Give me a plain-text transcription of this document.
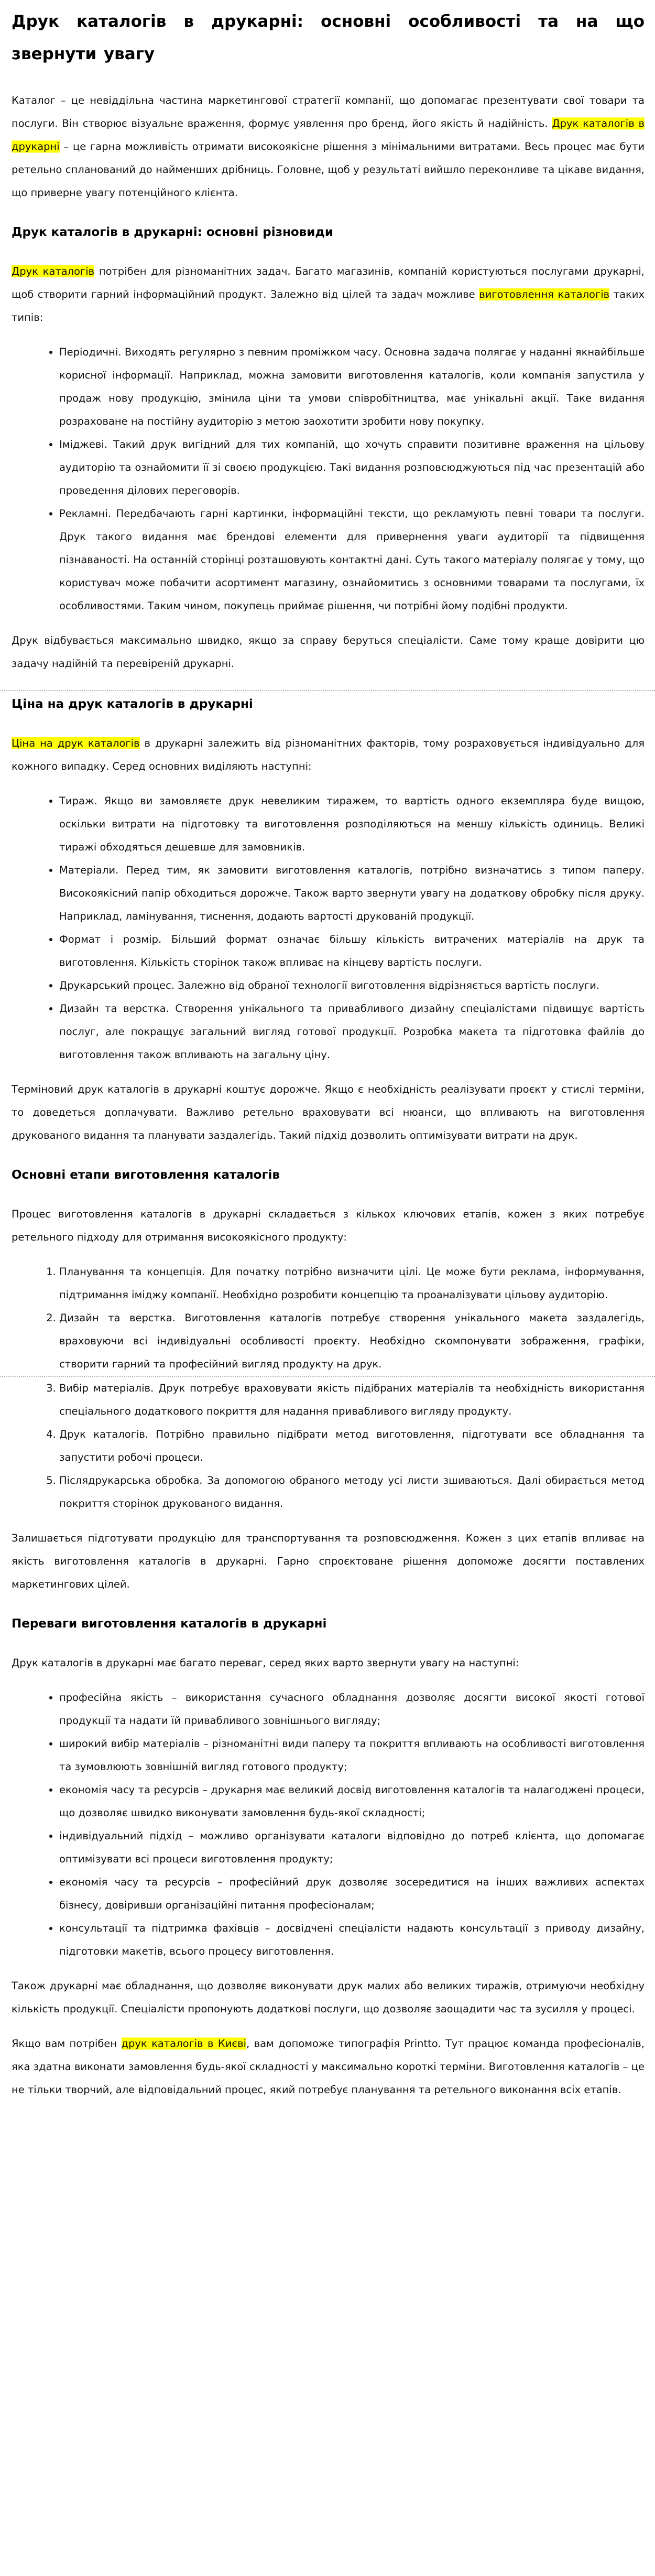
Друк каталогів в друкарні: основні особливості та на що звернути увагу

Каталог – це невіддільна частина маркетингової стратегії компанії, що допомагає презентувати свої товари та послуги. Він створює візуальне враження, формує уявлення про бренд, його якість й надійність. Друк каталогів в друкарні – це гарна можливість отримати високоякісне рішення з мінімальними витратами. Весь процес має бути ретельно спланований до найменших дрібниць. Головне, щоб у результаті вийшло переконливе та цікаве видання, що приверне увагу потенційного клієнта.

Друк каталогів в друкарні: основні різновиди

Друк каталогів потрібен для різноманітних задач. Багато магазинів, компаній користуються послугами друкарні, щоб створити гарний інформаційний продукт. Залежно від цілей та задач можливе виготовлення каталогів таких типів:

• Періодичні. Виходять регулярно з певним проміжком часу. Основна задача полягає у наданні якнайбільше корисної інформації. Наприклад, можна замовити виготовлення каталогів, коли компанія запустила у продаж нову продукцію, змінила ціни та умови співробітництва, має унікальні акції. Таке видання розраховане на постійну аудиторію з метою заохотити зробити нову покупку.
• Іміджеві. Такий друк вигідний для тих компаній, що хочуть справити позитивне враження на цільову аудиторію та ознайомити її зі своєю продукцією. Такі видання розповсюджуються під час презентацій або проведення ділових переговорів.
• Рекламні. Передбачають гарні картинки, інформаційні тексти, що рекламують певні товари та послуги. Друк такого видання має брендові елементи для привернення уваги аудиторії та підвищення пізнаваності. На останній сторінці розташовують контактні дані. Суть такого матеріалу полягає у тому, що користувач може побачити асортимент магазину, ознайомитись з основними товарами та послугами, їх особливостями. Таким чином, покупець приймає рішення, чи потрібні йому подібні продукти.

Друк відбувається максимально швидко, якщо за справу беруться спеціалісти. Саме тому краще довірити цю задачу надійній та перевіреній друкарні.

Ціна на друк каталогів в друкарні

Ціна на друк каталогів в друкарні залежить від різноманітних факторів, тому розраховується індивідуально для кожного випадку. Серед основних виділяють наступні:

• Тираж. Якщо ви замовляєте друк невеликим тиражем, то вартість одного екземпляра буде вищою, оскільки витрати на підготовку та виготовлення розподіляються на меншу кількість одиниць. Великі тиражі обходяться дешевше для замовників.
• Матеріали. Перед тим, як замовити виготовлення каталогів, потрібно визначатись з типом паперу. Високоякісний папір обходиться дорожче. Також варто звернути увагу на додаткову обробку після друку. Наприклад, ламінування, тиснення, додають вартості друкованій продукції.
• Формат і розмір. Більший формат означає більшу кількість витрачених матеріалів на друк та виготовлення. Кількість сторінок також впливає на кінцеву вартість послуги.
• Друкарський процес. Залежно від обраної технології виготовлення відрізняється вартість послуги.
• Дизайн та верстка. Створення унікального та привабливого дизайну спеціалістами підвищує вартість послуг, але покращує загальний вигляд готової продукції. Розробка макета та підготовка файлів до виготовлення також впливають на загальну ціну.

Терміновий друк каталогів в друкарні коштує дорожче. Якщо є необхідність реалізувати проєкт у стислі терміни, то доведеться доплачувати. Важливо ретельно враховувати всі нюанси, що впливають на виготовлення друкованого видання та планувати заздалегідь. Такий підхід дозволить оптимізувати витрати на друк.

Основні етапи виготовлення каталогів

Процес виготовлення каталогів в друкарні складається з кількох ключових етапів, кожен з яких потребує ретельного підходу для отримання високоякісного продукту:

1. Планування та концепція. Для початку потрібно визначити цілі. Це може бути реклама, інформування, підтримання іміджу компанії. Необхідно розробити концепцію та проаналізувати цільову аудиторію.
2. Дизайн та верстка. Виготовлення каталогів потребує створення унікального макета заздалегідь, враховуючи всі індивідуальні особливості проєкту. Необхідно скомпонувати зображення, графіки, створити гарний та професійний вигляд продукту на друк.
3. Вибір матеріалів. Друк потребує враховувати якість підібраних матеріалів та необхідність використання спеціального додаткового покриття для надання привабливого вигляду продукту.
4. Друк каталогів. Потрібно правильно підібрати метод виготовлення, підготувати все обладнання та запустити робочі процеси.
5. Післядрукарська обробка. За допомогою обраного методу усі листи зшиваються. Далі обирається метод покриття сторінок друкованого видання.

Залишається підготувати продукцію для транспортування та розповсюдження. Кожен з цих етапів впливає на якість виготовлення каталогів в друкарні. Гарно спроєктоване рішення допоможе досягти поставлених маркетингових цілей.

Переваги виготовлення каталогів в друкарні

Друк каталогів в друкарні має багато переваг, серед яких варто звернути увагу на наступні:

• професійна якість – використання сучасного обладнання дозволяє досягти високої якості готової продукції та надати їй привабливого зовнішнього вигляду;
• широкий вибір матеріалів – різноманітні види паперу та покриття впливають на особливості виготовлення та зумовлюють зовнішній вигляд готового продукту;
• економія часу та ресурсів – друкарня має великий досвід виготовлення каталогів та налагоджені процеси, що дозволяє швидко виконувати замовлення будь-якої складності;
• індивідуальний підхід – можливо організувати каталоги відповідно до потреб клієнта, що допомагає оптимізувати всі процеси виготовлення продукту;
• економія часу та ресурсів – професійний друк дозволяє зосередитися на інших важливих аспектах бізнесу, довіривши організаційні питання професіоналам;
• консультації та підтримка фахівців – досвідчені спеціалісти надають консультації з приводу дизайну, підготовки макетів, всього процесу виготовлення.

Також друкарні має обладнання, що дозволяє виконувати друк малих або великих тиражів, отримуючи необхідну кількість продукції. Спеціалісти пропонують додаткові послуги, що дозволяє заощадити час та зусилля у процесі.

Якщо вам потрібен друк каталогів в Києві, вам допоможе типографія Printto. Тут працює команда професіоналів, яка здатна виконати замовлення будь-якої складності у максимально короткі терміни. Виготовлення каталогів – це не тільки творчий, але відповідальний процес, який потребує планування та ретельного виконання всіх етапів.
